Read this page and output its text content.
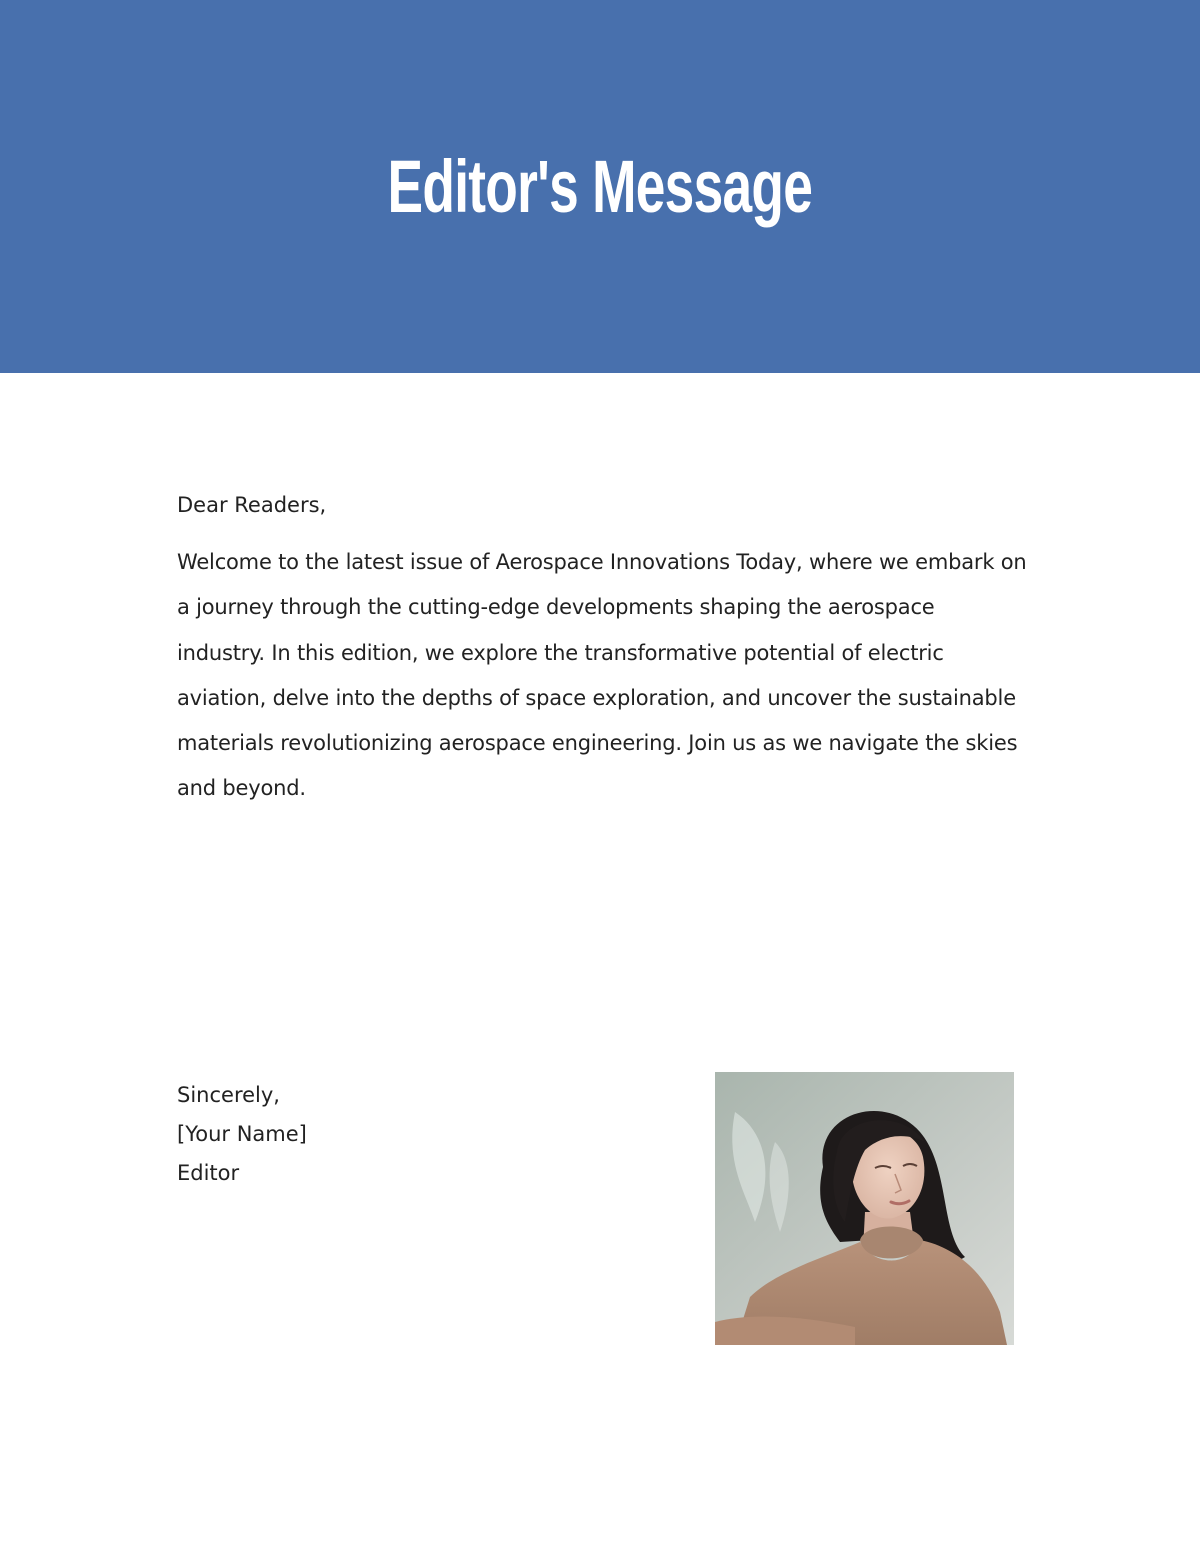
Editor's Message

Dear Readers,

Welcome to the latest issue of Aerospace Innovations Today, where we embark on a journey through the cutting-edge developments shaping the aerospace industry. In this edition, we explore the transformative potential of electric aviation, delve into the depths of space exploration, and uncover the sustainable materials revolutionizing aerospace engineering. Join us as we navigate the skies and beyond.

Sincerely,
[Your Name]
Editor
